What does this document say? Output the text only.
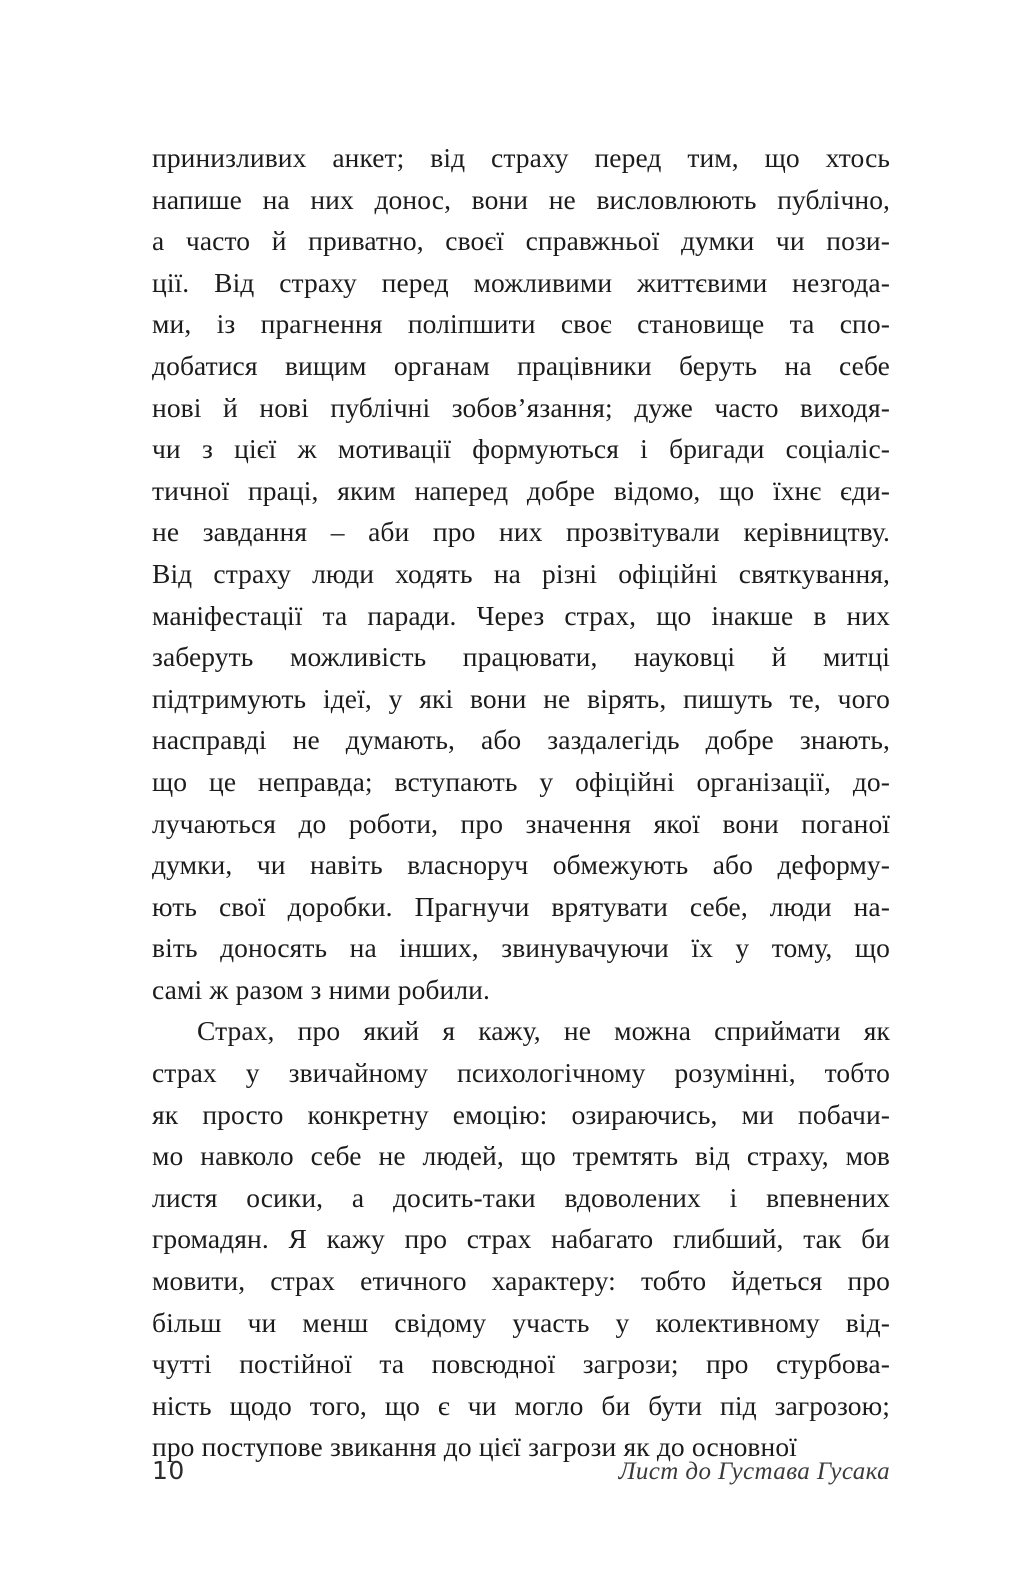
принизливих
анкет;
від
страху
перед
тим,
що
хтось
напише
на
них
донос,
вони
не
висловлюють
публічно,
а
часто
й
приватно,
своєї
справжньої
думки
чи
пози-
ції.
Від
страху
перед
можливими
життєвими
незгода-
ми,
із
прагнення
поліпшити
своє
становище
та
спо-
добатися
вищим
органам
працівники
беруть
на
себе
нові
й
нові
публічні
зобов’язання;
дуже
часто
виходя-
чи
з
цієї
ж
мотивації
формуються
і
бригади
соціаліс-
тичної
праці,
яким
наперед
добре
відомо,
що
їхнє
єди-
не
завдання
–
аби
про
них
прозвітували
керівництву.
Від
страху
люди
ходять
на
різні
офіційні
святкування,
маніфестації
та
паради.
Через
страх,
що
інакше
в
них
заберуть
можливість
працювати,
науковці
й
митці
підтримують
ідеї,
у
які
вони
не
вірять,
пишуть
те,
чого
насправді
не
думають,
або
заздалегідь
добре
знають,
що
це
неправда;
вступають
у
офіційні
організації,
до-
лучаються
до
роботи,
про
значення
якої
вони
поганої
думки,
чи
навіть
власноруч
обмежують
або
деформу-
ють
свої
доробки.
Прагнучи
врятувати
себе,
люди
на-
віть
доносять
на
інших,
звинувачуючи
їх
у
тому,
що
самі
ж
разом
з
ними
робили.
Страх,
про
який
я
кажу,
не
можна
сприймати
як
страх
у
звичайному
психологічному
розумінні,
тобто
як
просто
конкретну
емоцію:
озираючись,
ми
побачи-
мо
навколо
себе
не
людей,
що
тремтять
від
страху,
мов
листя
осики,
а
досить-таки
вдоволених
і
впевнених
громадян.
Я
кажу
про
страх
набагато
глибший,
так
би
мовити,
страх
етичного
характеру:
тобто
йдеться
про
більш
чи
менш
свідому
участь
у
колективному
від-
чутті
постійної
та
повсюдної
загрози;
про
стурбова-
ність
щодо
того,
що
є
чи
могло
би
бути
під
загрозою;
про
поступове
звикання
до
цієї
загрози
як
до
основної
10	Лист до Густава Гусака
